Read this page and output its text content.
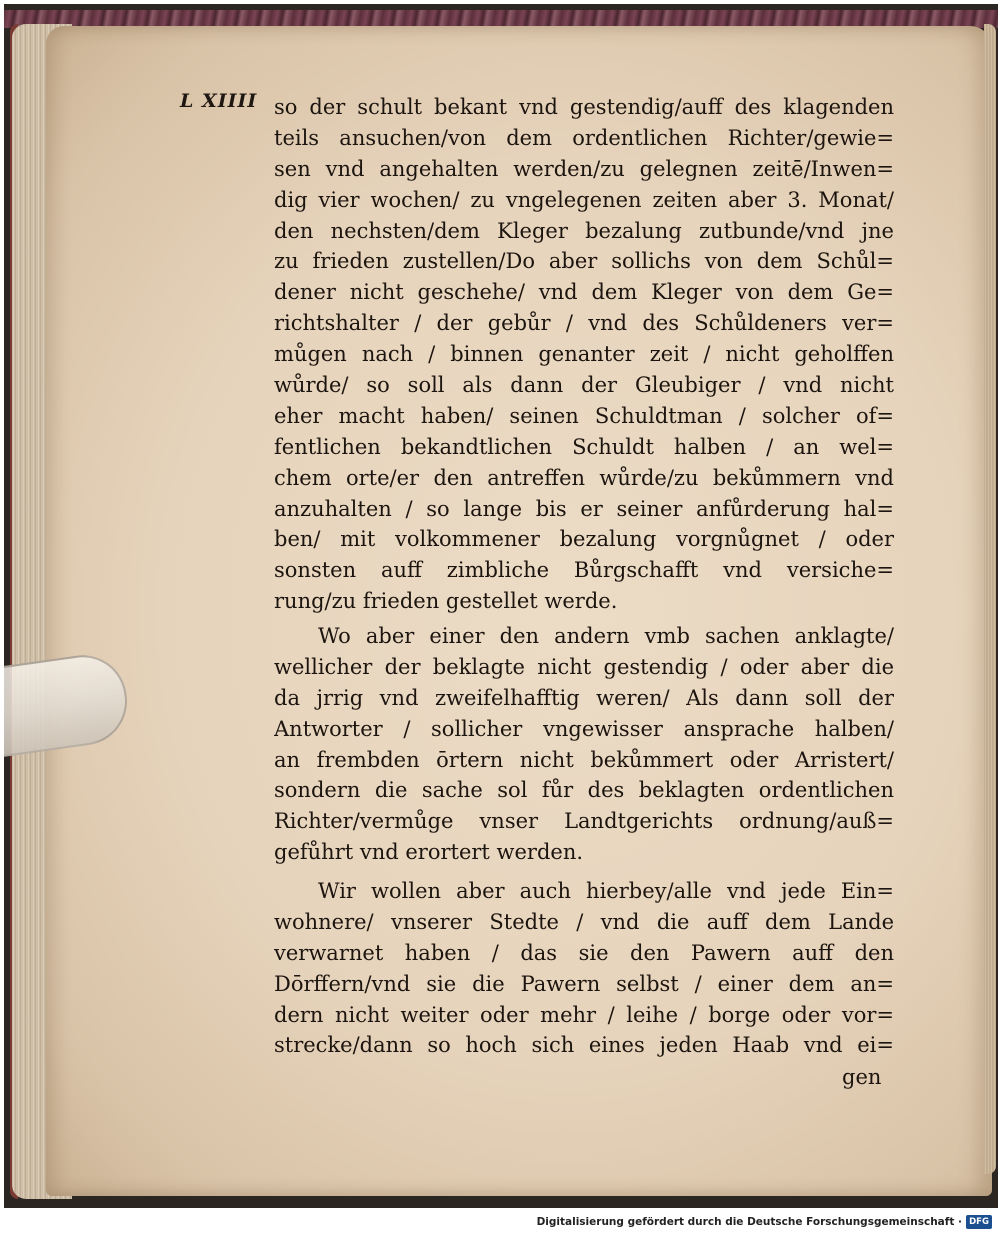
L XIIII so der schult bekant vnd gestendig/auff des klagenden
teils ansuchen/von dem ordentlichen Richter/gewie=
sen vnd angehalten werden/zu gelegnen zeitē/Inwen=
dig vier wochen/ zu vngelegenen zeiten aber 3. Monat/
den nechsten/dem Kleger bezalung zutbunde/vnd jne
zu frieden zustellen/Do aber sollichs von dem Schůl=
dener nicht geschehe/ vnd dem Kleger von dem Ge=
richtshalter / der gebůr / vnd des Schůldeners ver=
můgen nach / binnen genanter zeit / nicht geholffen
wůrde/ so soll als dann der Gleubiger / vnd nicht
eher macht haben/ seinen Schuldtman / solcher of=
fentlichen bekandtlichen Schuldt halben / an wel=
chem orte/er den antreffen wůrde/zu bekůmmern vnd
anzuhalten / so lange bis er seiner anfůrderung hal=
ben/ mit volkommener bezalung vorgnůgnet / oder
sonsten auff zimbliche Bůrgschafft vnd versiche=
rung/zu frieden gestellet werde.
Wo aber einer den andern vmb sachen anklagte/
wellicher der beklagte nicht gestendig / oder aber die
da jrrig vnd zweifelhafftig weren/ Als dann soll der
Antworter / sollicher vngewisser ansprache halben/
an frembden ōrtern nicht bekůmmert oder Arristert/
sondern die sache sol fůr des beklagten ordentlichen
Richter/vermůge vnser Landtgerichts ordnung/auß=
gefůhrt vnd erortert werden.
Wir wollen aber auch hierbey/alle vnd jede Ein=
wohnere/ vnserer Stedte / vnd die auff dem Lande
verwarnet haben / das sie den Pawern auff den
Dōrffern/vnd sie die Pawern selbst / einer dem an=
dern nicht weiter oder mehr / leihe / borge oder vor=
strecke/dann so hoch sich eines jeden Haab vnd ei=
gen
Digitalisierung gefördert durch die Deutsche Forschungsgemeinschaft · DFG
